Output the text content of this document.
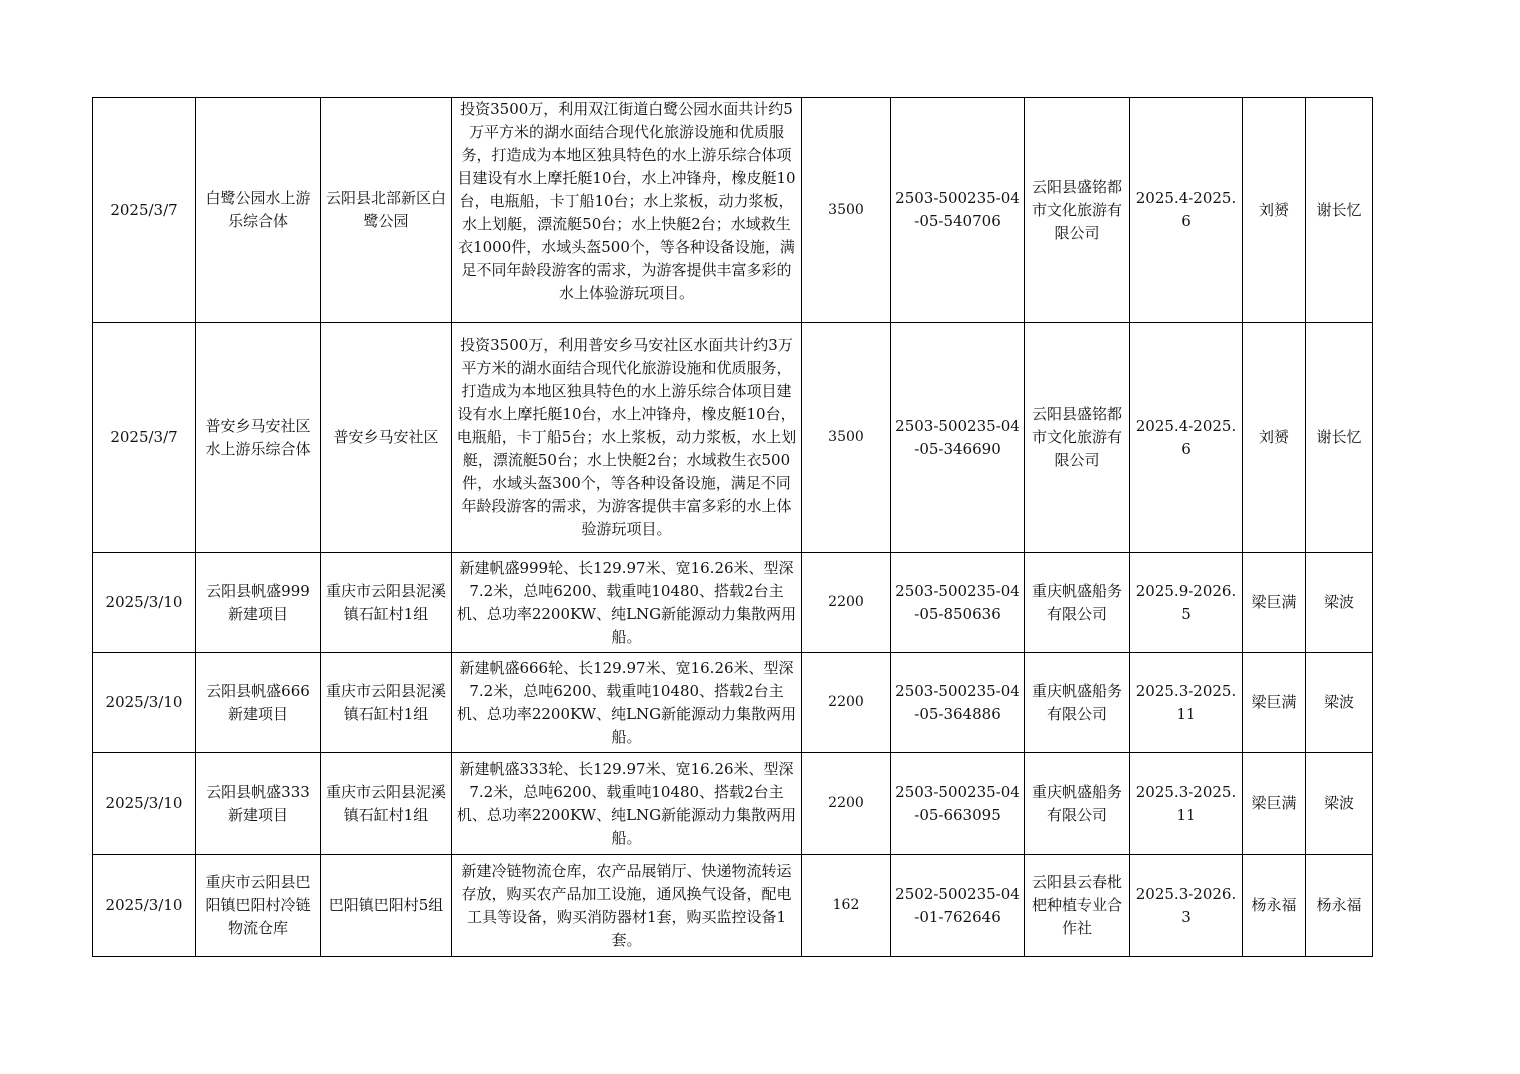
2025/3/7	白鹭公园水上游乐综合体	云阳县北部新区白鹭公园	投资3500万，利用双江街道白鹭公园水面共计约5万平方米的湖水面结合现代化旅游设施和优质服务，打造成为本地区独具特色的水上游乐综合体项目建设有水上摩托艇10台，水上冲锋舟，橡皮艇10台，电瓶船，卡丁船10台；水上浆板，动力浆板，水上划艇，漂流艇50台；水上快艇2台；水域救生衣1000件，水域头盔500个，等各种设备设施，满足不同年龄段游客的需求，为游客提供丰富多彩的水上体验游玩项目。	3500	2503-500235-04-05-540706	云阳县盛铭都市文化旅游有限公司	2025.4-2025.6	刘赟	谢长忆
2025/3/7	普安乡马安社区水上游乐综合体	普安乡马安社区	投资3500万，利用普安乡马安社区水面共计约3万平方米的湖水面结合现代化旅游设施和优质服务，打造成为本地区独具特色的水上游乐综合体项目建设有水上摩托艇10台，水上冲锋舟，橡皮艇10台，电瓶船，卡丁船5台；水上浆板，动力浆板，水上划艇，漂流艇50台；水上快艇2台；水域救生衣500件，水域头盔300个，等各种设备设施，满足不同年龄段游客的需求，为游客提供丰富多彩的水上体验游玩项目。	3500	2503-500235-04-05-346690	云阳县盛铭都市文化旅游有限公司	2025.4-2025.6	刘赟	谢长忆
2025/3/10	云阳县帆盛999新建项目	重庆市云阳县泥溪镇石缸村1组	新建帆盛999轮、长129.97米、宽16.26米、型深7.2米，总吨6200、载重吨10480、搭载2台主机、总功率2200KW、纯LNG新能源动力集散两用船。	2200	2503-500235-04-05-850636	重庆帆盛船务有限公司	2025.9-2026.5	梁巨满	梁波
2025/3/10	云阳县帆盛666新建项目	重庆市云阳县泥溪镇石缸村1组	新建帆盛666轮、长129.97米、宽16.26米、型深7.2米，总吨6200、载重吨10480、搭载2台主机、总功率2200KW、纯LNG新能源动力集散两用船。	2200	2503-500235-04-05-364886	重庆帆盛船务有限公司	2025.3-2025.11	梁巨满	梁波
2025/3/10	云阳县帆盛333新建项目	重庆市云阳县泥溪镇石缸村1组	新建帆盛333轮、长129.97米、宽16.26米、型深7.2米，总吨6200、载重吨10480、搭载2台主机、总功率2200KW、纯LNG新能源动力集散两用船。	2200	2503-500235-04-05-663095	重庆帆盛船务有限公司	2025.3-2025.11	梁巨满	梁波
2025/3/10	重庆市云阳县巴阳镇巴阳村冷链物流仓库	巴阳镇巴阳村5组	新建冷链物流仓库，农产品展销厅、快递物流转运存放，购买农产品加工设施，通风换气设备，配电工具等设备，购买消防器材1套，购买监控设备1套。	162	2502-500235-04-01-762646	云阳县云春枇杷种植专业合作社	2025.3-2026.3	杨永福	杨永福
